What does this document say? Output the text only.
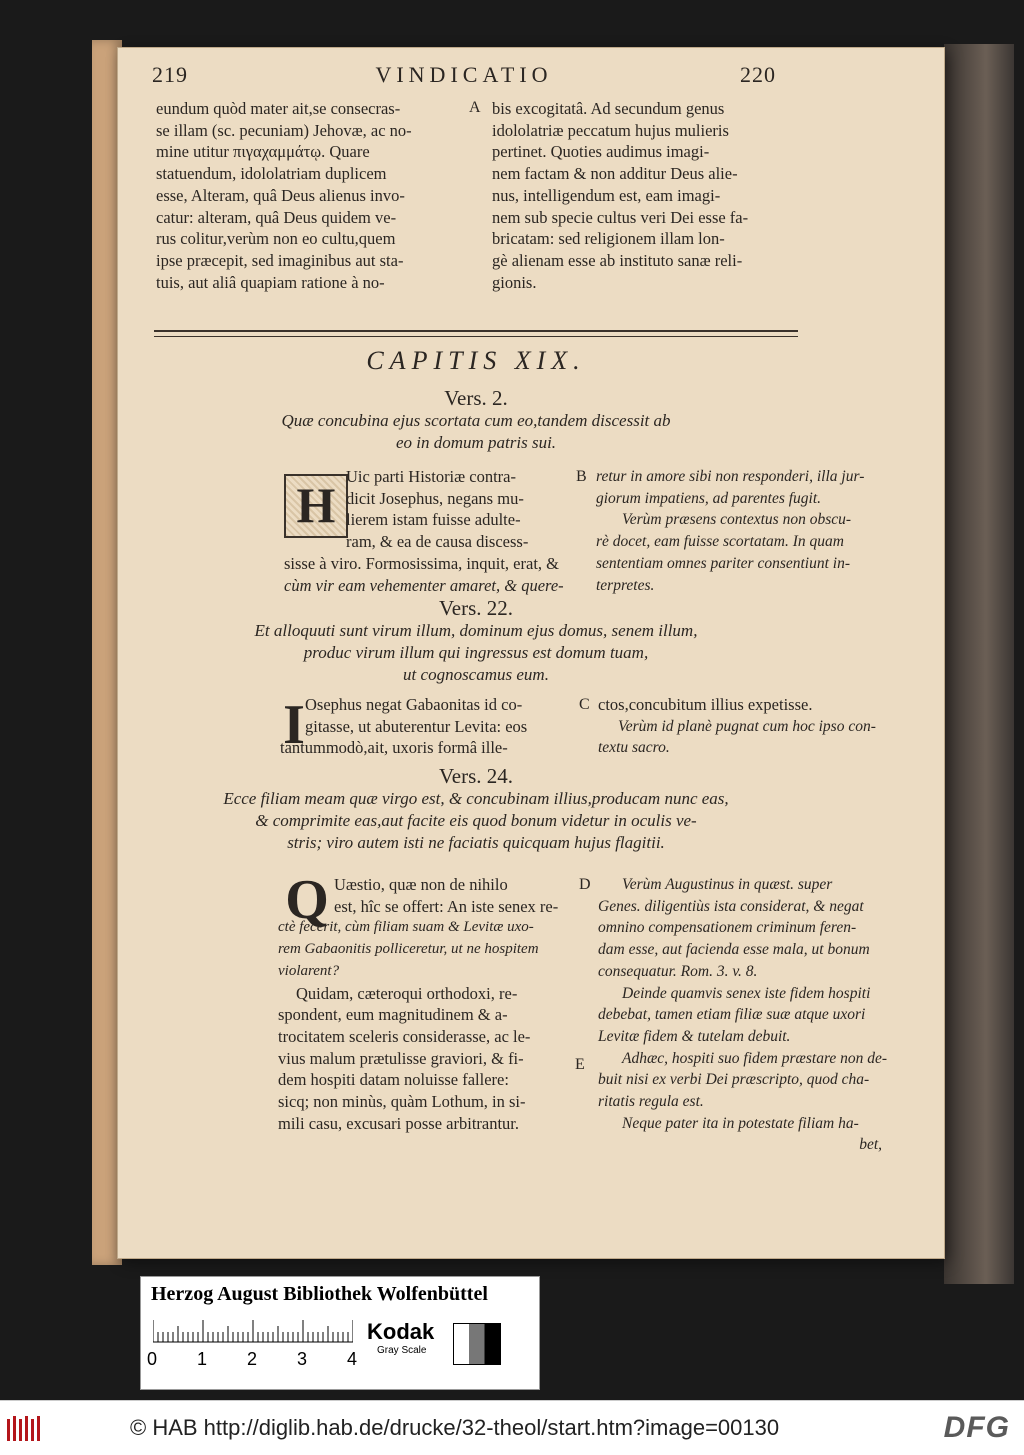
219	VINDICATIO	220
eundum quòd mater ait,se consecras-
se illam (sc. pecuniam) Jehovæ, ac no-
mine utitur πιγαχαμμάτῳ. Quare
statuendum, idololatriam duplicem
esse, Alteram, quâ Deus alienus invo-
catur: alteram, quâ Deus quidem ve-
rus colitur,verùm non eo cultu,quem
ipse præcepit, sed imaginibus aut sta-
tuis, aut aliâ quapiam ratione à no-
A bis excogitatâ. Ad secundum genus
idololatriæ peccatum hujus mulieris
pertinet. Quoties audimus imagi-
nem factam & non additur Deus alie-
nus, intelligendum est, eam imagi-
nem sub specie cultus veri Dei esse fa-
bricatam: sed religionem illam lon-
gè alienam esse ab instituto sanæ reli-
gionis.
CAPITIS XIX.
Vers. 2.
Quæ concubina ejus scortata cum eo,tandem discessit ab
eo in domum patris sui.
H
Uic parti Historiæ contra-
dicit Josephus, negans mu-
lierem istam fuisse adulte-
ram, & ea de causa discess-
sisse à viro. Formosissima, inquit, erat, &
cùm vir eam vehementer amaret, & quere-
B retur in amore sibi non responderi, illa jur-
giorum impatiens, ad parentes fugit.
Verùm præsens contextus non obscu-
rè docet, eam fuisse scortatam. In quam
sententiam omnes pariter consentiunt in-
terpretes.
Vers. 22.
Et alloquuti sunt virum illum, dominum ejus domus, senem illum,
produc virum illum qui ingressus est domum tuam,
ut cognoscamus eum.
I Osephus negat Gabaonitas id co-
gitasse, ut abuterentur Levita: eos
tantummodò,ait, uxoris formâ ille-
C ctos,concubitum illius expetisse.
Verùm id planè pugnat cum hoc ipso con-
textu sacro.
Vers. 24.
Ecce filiam meam quæ virgo est, & concubinam illius,producam nunc eas,
& comprimite eas,aut facite eis quod bonum videtur in oculis ve-
stris; viro autem isti ne faciatis quicquam hujus flagitii.
Q Uæstio, quæ non de nihilo
est, hîc se offert: An iste senex re-
ctè fecerit, cùm filiam suam & Levitæ uxo-
rem Gabaonitis polliceretur, ut ne hospitem
violarent?
Quidam, cæteroqui orthodoxi, re-
spondent, eum magnitudinem & a-
trocitatem sceleris considerasse, ac le-
vius malum prætulisse graviori, & fi-
dem hospiti datam noluisse fallere:
sicq; non minùs, quàm Lothum, in si-
mili casu, excusari posse arbitrantur.
D
E
Verùm Augustinus in quæst. super
Genes. diligentiùs ista considerat, & negat
omnino compensationem criminum feren-
dam esse, aut facienda esse mala, ut bonum
consequatur. Rom. 3. v. 8.
Deinde quamvis senex iste fidem hospiti
debebat, tamen etiam filiæ suæ atque uxori
Levitæ fidem & tutelam debuit.
Adhæc, hospiti suo fidem præstare non de-
buit nisi ex verbi Dei præscripto, quod cha-
ritatis regula est.
Neque pater ita in potestate filiam ha-
bet,
Herzog August Bibliothek Wolfenbüttel
0 1 2 3 4
Kodak
Gray Scale
© HAB http://diglib.hab.de/drucke/32-theol/start.htm?image=00130	DFG
